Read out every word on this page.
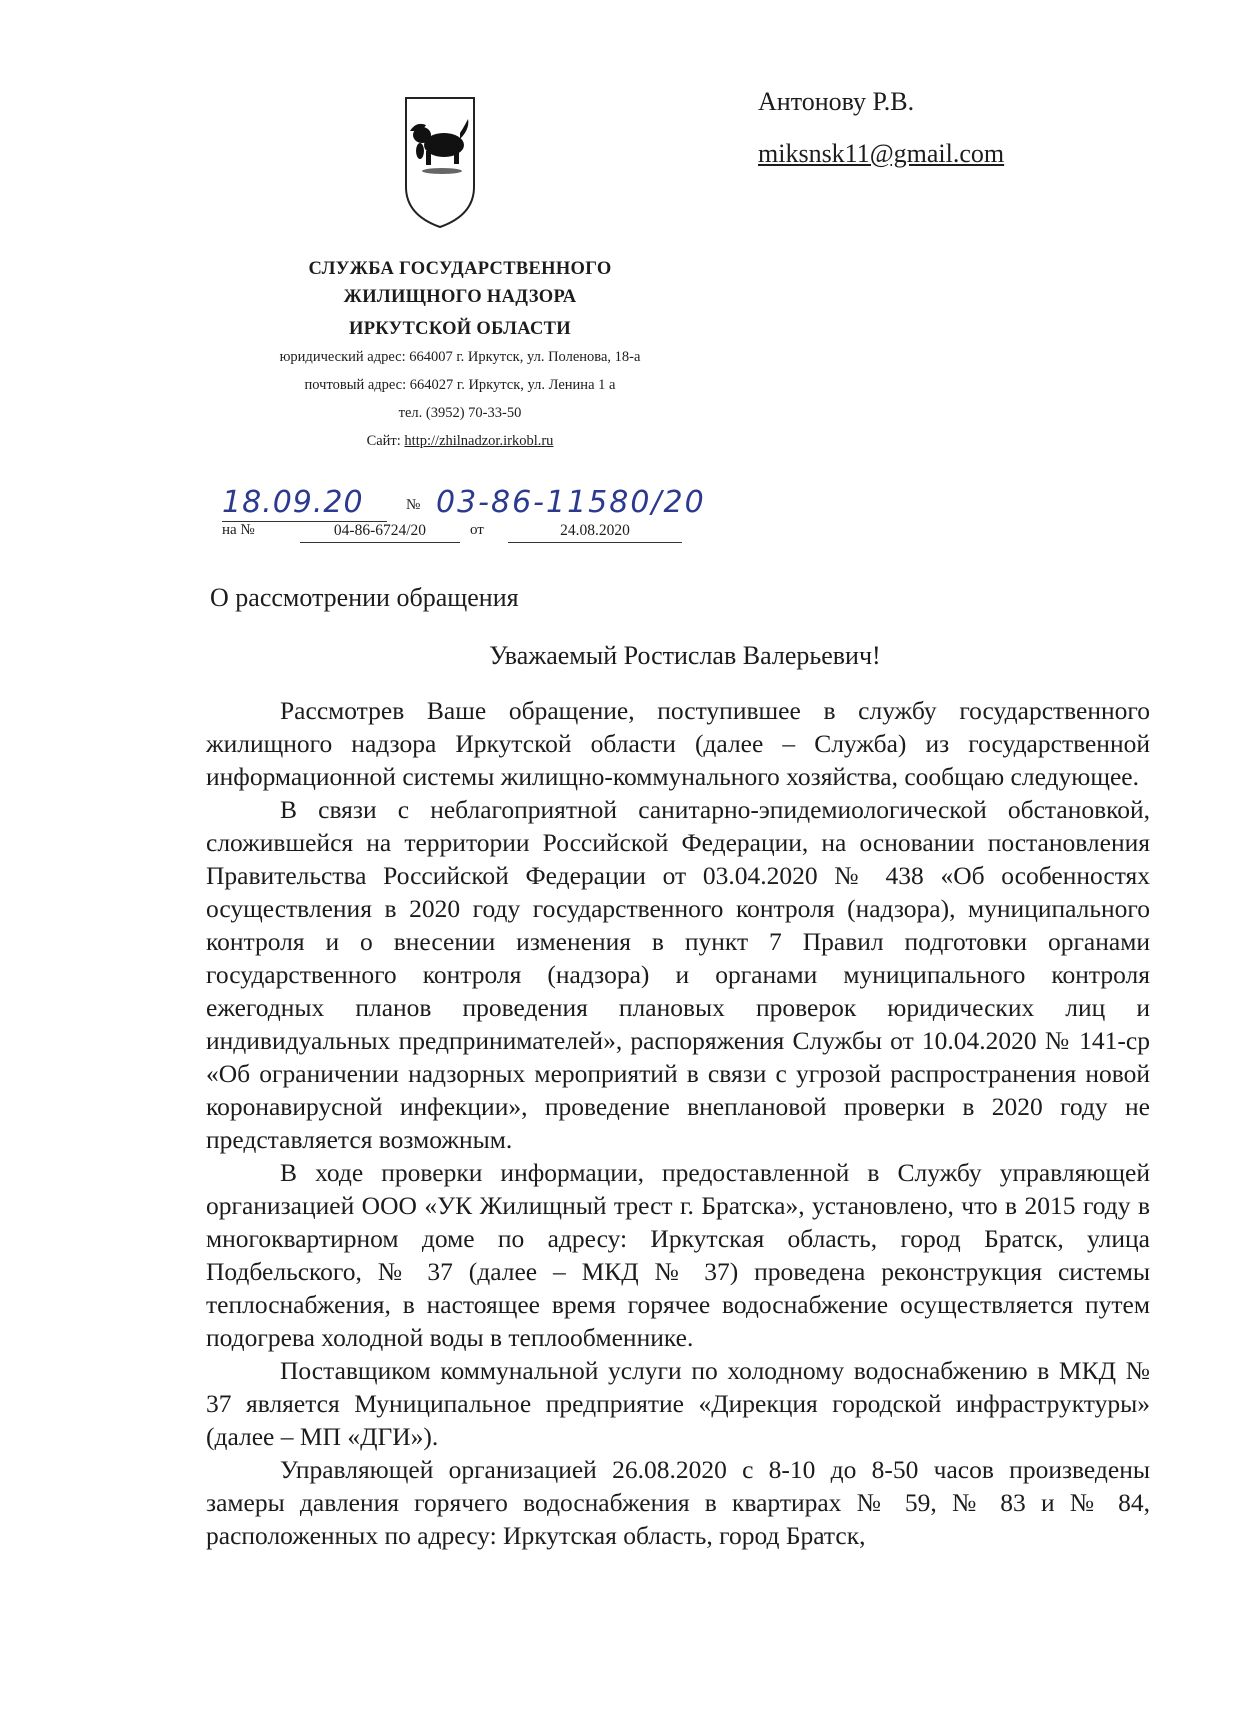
Антонову Р.В.
miksnsk11@gmail.com
СЛУЖБА ГОСУДАРСТВЕННОГО
ЖИЛИЩНОГО НАДЗОРА
ИРКУТСКОЙ ОБЛАСТИ
юридический адрес: 664007 г. Иркутск, ул. Поленова, 18-а
почтовый адрес: 664027 г. Иркутск, ул. Ленина 1 а
тел. (3952) 70-33-50
Сайт: http://zhilnadzor.irkobl.ru
18.09.20	№ 03-86-11580/20
на №	04-86-6724/20	от	24.08.2020
О рассмотрении обращения
Уважаемый Ростислав Валерьевич!

Рассмотрев Ваше обращение, поступившее в службу государственного жилищного надзора Иркутской области (далее – Служба) из государственной информационной системы жилищно-коммунального хозяйства, сообщаю следующее.

В связи с неблагоприятной санитарно-эпидемиологической обстановкой, сложившейся на территории Российской Федерации, на основании постановления Правительства Российской Федерации от 03.04.2020 № 438 «Об особенностях осуществления в 2020 году государственного контроля (надзора), муниципального контроля и о внесении изменения в пункт 7 Правил подготовки органами государственного контроля (надзора) и органами муниципального контроля ежегодных планов проведения плановых проверок юридических лиц и индивидуальных предпринимателей», распоряжения Службы от 10.04.2020 № 141-ср «Об ограничении надзорных мероприятий в связи с угрозой распространения новой коронавирусной инфекции», проведение внеплановой проверки в 2020 году не представляется возможным.

В ходе проверки информации, предоставленной в Службу управляющей организацией ООО «УК Жилищный трест г. Братска», установлено, что в 2015 году в многоквартирном доме по адресу: Иркутская область, город Братск, улица Подбельского, № 37 (далее – МКД № 37) проведена реконструкция системы теплоснабжения, в настоящее время горячее водоснабжение осуществляется путем подогрева холодной воды в теплообменнике.

Поставщиком коммунальной услуги по холодному водоснабжению в МКД № 37 является Муниципальное предприятие «Дирекция городской инфраструктуры» (далее – МП «ДГИ»).

Управляющей организацией 26.08.2020 с 8-10 до 8-50 часов произведены замеры давления горячего водоснабжения в квартирах № 59, № 83 и № 84, расположенных по адресу: Иркутская область, город Братск,
